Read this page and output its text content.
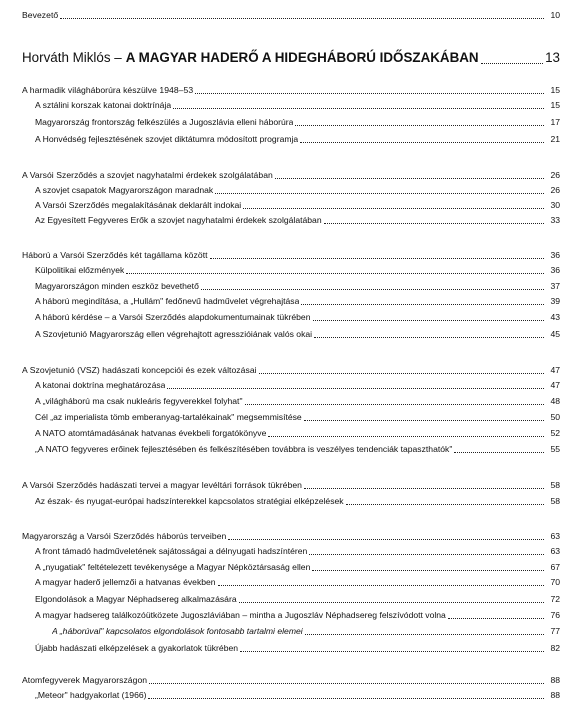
Bevezető	10
Horváth Miklós – A MAGYAR HADERŐ A HIDEGHÁBORÚ IDŐSZAKÁBAN	13
A harmadik világháborúra készülve 1948–53	15
A sztálini korszak katonai doktrínája	15
Magyarország frontország felkészülés a Jugoszlávia elleni háborúra	17
A Honvédség fejlesztésének szovjet diktátumra módosított programja	21
A Varsói Szerződés a szovjet nagyhatalmi érdekek szolgálatában	26
A szovjet csapatok Magyarországon maradnak	26
A Varsói Szerződés megalakításának deklarált indokai	30
Az Egyesített Fegyveres Erők a szovjet nagyhatalmi érdekek szolgálatában	33
Háború a Varsói Szerződés két tagállama között	36
Külpolitikai előzmények	36
Magyarországon minden eszköz bevethető	37
A háború megindítása, a „Hullám" fedőnevű hadművelet végrehajtása	39
A háború kérdése – a Varsói Szerződés alapdokumentumainak tükrében	43
A Szovjetunió Magyarország ellen végrehajtott agresszióiának valós okai	45
A Szovjetunió (VSZ) hadászati koncepciói és ezek változásai	47
A katonai doktrína meghatározása	47
A „világháború ma csak nukleáris fegyverekkel folyhat"	48
Cél „az imperialista tömb emberanyag-tartalékainak" megsemmisítése	50
A NATO atomtámadásának hatvanas évekbeli forgatókönyve	52
„A NATO fegyveres erőinek fejlesztésében és felkészítésében továbbra is veszélyes tendenciák tapaszthatók"	55
A Varsói Szerződés hadászati tervei a magyar levéltári források tükrében	58
Az észak- és nyugat-európai hadszínterekkel kapcsolatos stratégiai elképzelések	58
Magyarország a Varsói Szerződés háborús terveiben	63
A front támadó hadműveletének sajátosságai a délnyugati hadszíntéren	63
A „nyugatiak" feltételezett tevékenysége a Magyar Népköztársaság ellen	67
A magyar haderő jellemzői a hatvanas években	70
Elgondolások a Magyar Néphadsereg alkalmazására	72
A magyar hadsereg találkozóütközete Jugoszláviában – mintha a Jugoszláv Néphadsereg felszívódott volna	76
A „háborúval" kapcsolatos elgondolások fontosabb tartalmi elemei	77
Újabb hadászati elképzelések a gyakorlatok tükrében	82
Atomfegyverek Magyarországon	88
„Meteor" hadgyakorlat (1966)	88
